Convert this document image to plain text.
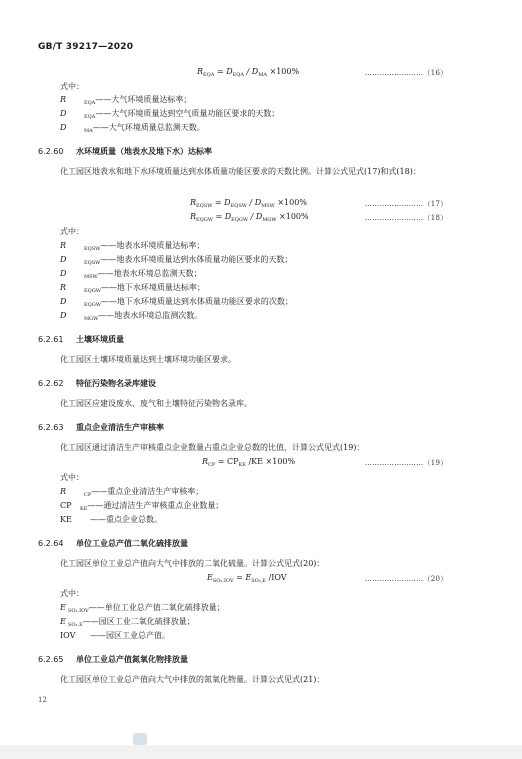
GB/T 39217—2020
$R_{EQA} = D_{EQA} / D_{MA} \times 100\%$	……………………（16）
式中：
R	$_{EQA}$——大气环境质量达标率；
D	$_{EQA}$——大气环境质量达到空气质量功能区要求的天数；
D	$_{MA}$——大气环境质量总监测天数。
6.2.60 水环境质量（地表水及地下水）达标率
化工园区地表水和地下水环境质量达到水体质量功能区要求的天数比例。计算公式见式(17)和式(18)：
$R_{EQSW} = D_{EQSW} / D_{MSW} \times 100\%$	……………………（17）
$R_{EQGW} = D_{EQGW} / D_{MGW} \times 100\%$	……………………（18）
式中：
R	$_{EQSW}$——地表水环境质量达标率；
D	$_{EQSW}$——地表水环境质量达到水体质量功能区要求的天数；
D	$_{MSW}$——地表水环境总监测天数；
R	$_{EQGW}$——地下水环境质量达标率；
D	$_{EQGW}$——地下水环境质量达到水体质量功能区要求的次数；
D	$_{MGW}$——地表水环境总监测次数。
6.2.61 土壤环境质量
化工园区土壤环境质量达到土壤环境功能区要求。
6.2.62 特征污染物名录库建设
化工园区应建设废水、废气和土壤特征污染物名录库。
6.2.63 重点企业清洁生产审核率
化工园区通过清洁生产审核重点企业数量占重点企业总数的比值，计算公式见式(19)：
$R_{CP} = CP_{KE}$ /KE ×100%	……………………（19）
式中：
R	$_{CP}$——重点企业清洁生产审核率；
CP $_{KE}$——通过清洁生产审核重点企业数量；
KE ——重点企业总数。
6.2.64 单位工业总产值二氧化硫排放量
化工园区单位工业总产值向大气中排放的二氧化硫量。计算公式见式(20)：
$E_{SO_2,IOV} = E_{SO_2,E}$ /IOV	……………………（20）
式中：
E $_{SO_2,IOV}$——单位工业总产值二氧化硫排放量；
E $_{SO_2,E}$——园区工业二氧化硫排放量；
IOV ——园区工业总产值。
6.2.65 单位工业总产值氮氧化物排放量
化工园区单位工业总产值向大气中排放的氮氧化物量。计算公式见式(21)：
12
